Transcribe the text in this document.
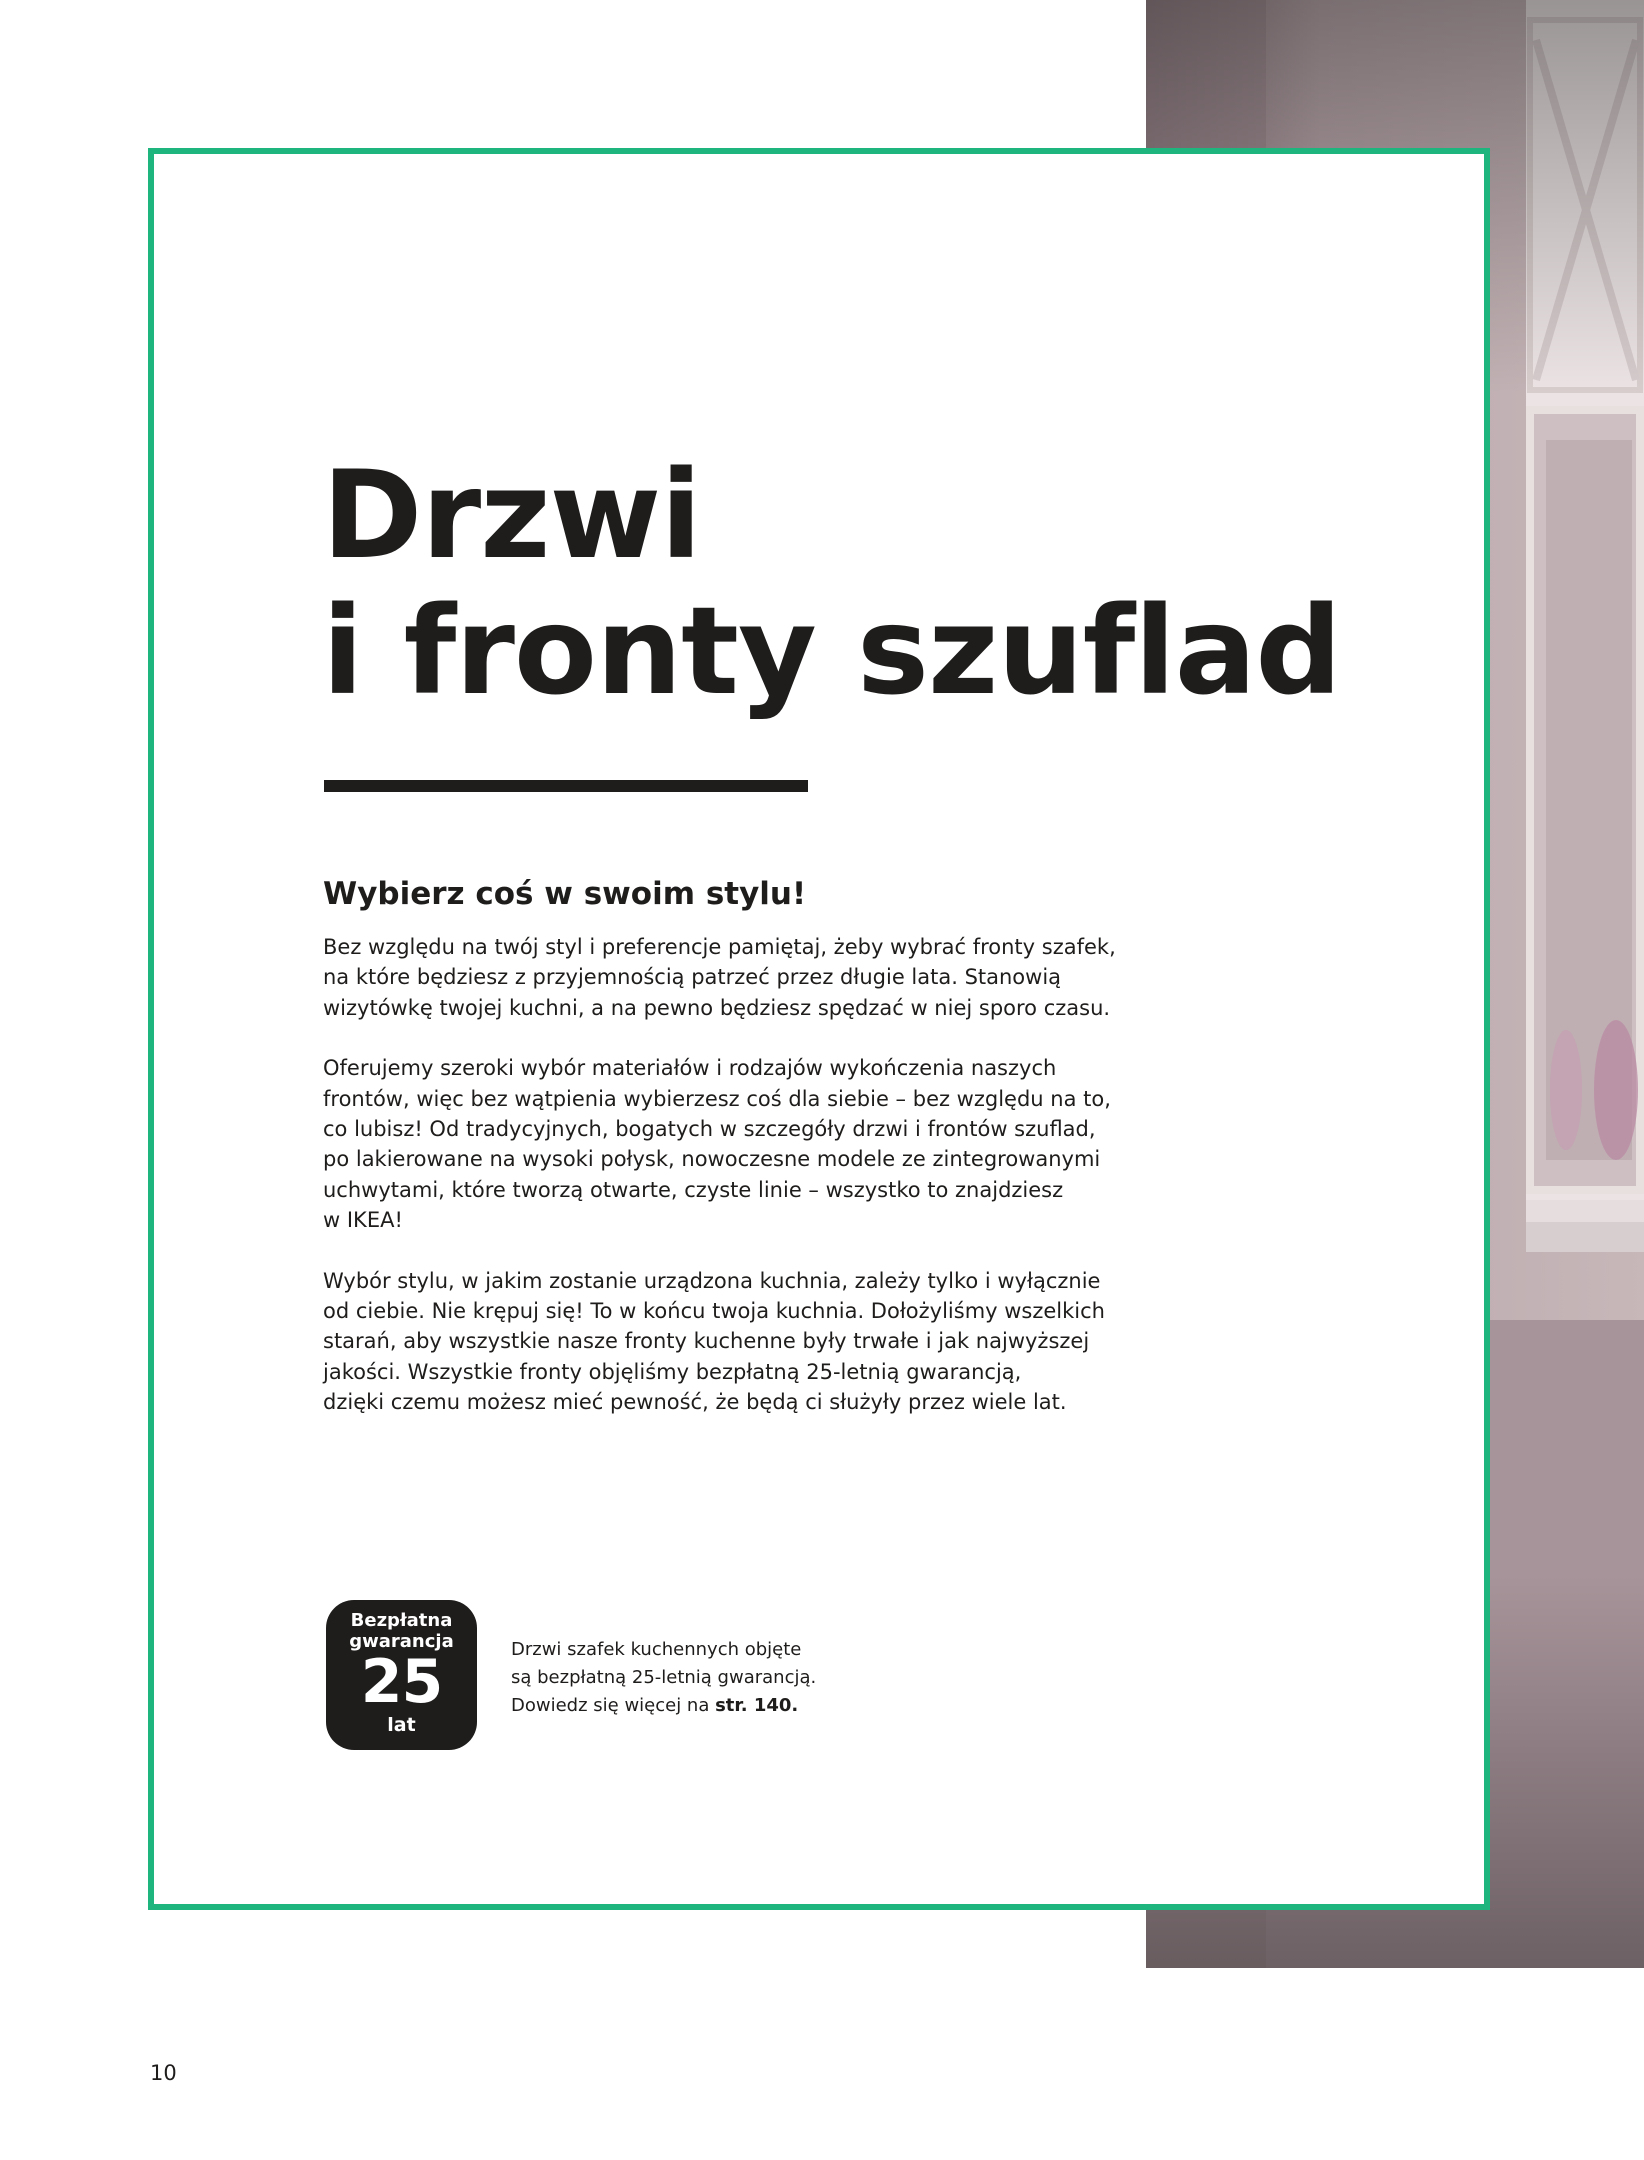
Drzwi
i fronty szuflad
Wybierz coś w swoim stylu!

Bez względu na twój styl i preferencje pamiętaj, żeby wybrać fronty szafek,
na które będziesz z przyjemnością patrzeć przez długie lata. Stanowią
wizytówkę twojej kuchni, a na pewno będziesz spędzać w niej sporo czasu.

Oferujemy szeroki wybór materiałów i rodzajów wykończenia naszych
frontów, więc bez wątpienia wybierzesz coś dla siebie – bez względu na to,
co lubisz! Od tradycyjnych, bogatych w szczegóły drzwi i frontów szuflad,
po lakierowane na wysoki połysk, nowoczesne modele ze zintegrowanymi
uchwytami, które tworzą otwarte, czyste linie – wszystko to znajdziesz
w IKEA!

Wybór stylu, w jakim zostanie urządzona kuchnia, zależy tylko i wyłącznie
od ciebie. Nie krępuj się! To w końcu twoja kuchnia. Dołożyliśmy wszelkich
starań, aby wszystkie nasze fronty kuchenne były trwałe i jak najwyższej
jakości. Wszystkie fronty objęliśmy bezpłatną 25-letnią gwarancją,
dzięki czemu możesz mieć pewność, że będą ci służyły przez wiele lat.

Bezpłatna
gwarancja
25
lat
Drzwi szafek kuchennych objęte
są bezpłatną 25-letnią gwarancją.
Dowiedz się więcej na str. 140.
10
